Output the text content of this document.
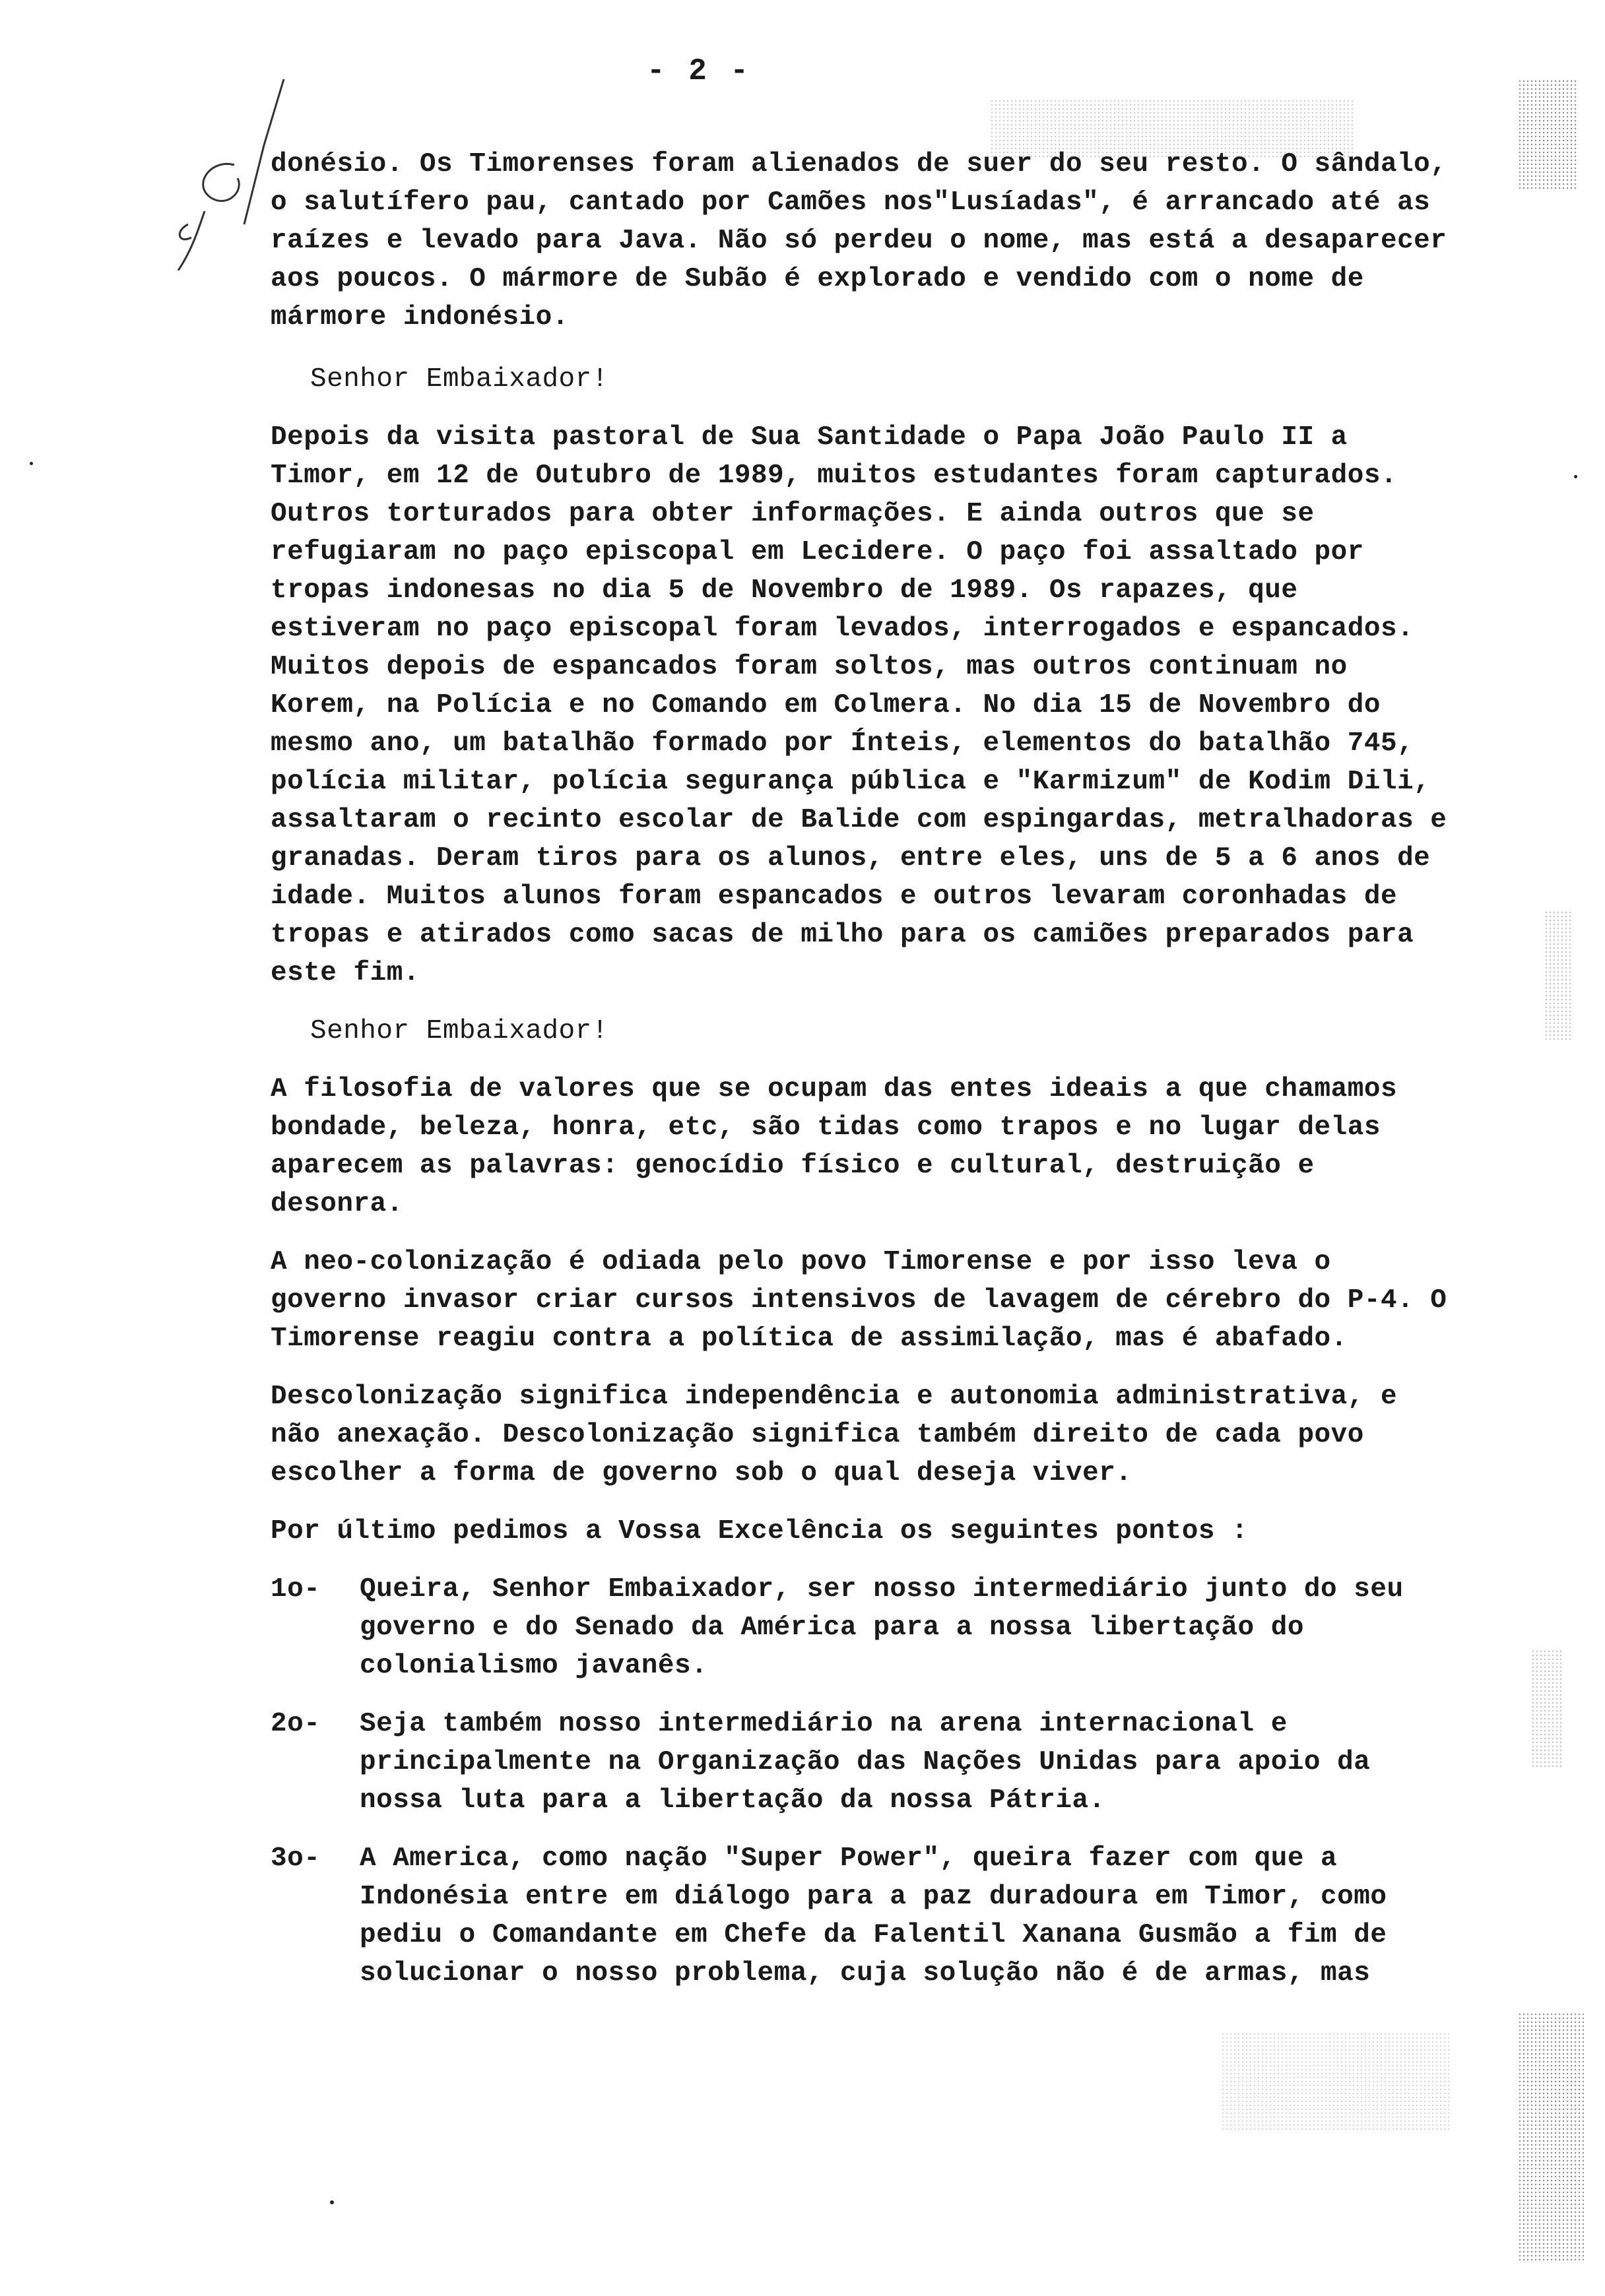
- 2 -

donésio. Os Timorenses foram alienados de suer do seu resto. O sândalo, o salutífero pau, cantado por Camões nos"Lusíadas", é arrancado até as raízes e levado para Java. Não só perdeu o nome, mas está a desaparecer aos poucos. O mármore de Subão é explorado e vendido com o nome de mármore indonésio.

Senhor Embaixador!

Depois da visita pastoral de Sua Santidade o Papa João Paulo II a Timor, em 12 de Outubro de 1989, muitos estudantes foram capturados. Outros torturados para obter informações. E ainda outros que se refugiaram no paço episcopal em Lecidere. O paço foi assaltado por tropas indonesas no dia 5 de Novembro de 1989. Os rapazes, que estiveram no paço episcopal foram levados, interrogados e espancados. Muitos depois de espancados foram soltos, mas outros continuam no Korem, na Polícia e no Comando em Colmera. No dia 15 de Novembro do mesmo ano, um batalhão formado por Ínteis, elementos do batalhão 745, polícia militar, polícia segurança pública e "Karmizum" de Kodim Dili, assaltaram o recinto escolar de Balide com espingardas, metralhadoras e granadas. Deram tiros para os alunos, entre eles, uns de 5 a 6 anos de idade. Muitos alunos foram espancados e outros levaram coronhadas de tropas e atirados como sacas de milho para os camiões preparados para este fim.

Senhor Embaixador!

A filosofia de valores que se ocupam das entes ideais a que chamamos bondade, beleza, honra, etc, são tidas como trapos e no lugar delas aparecem as palavras: genocídio físico e cultural, destruição e desonra.

A neo-colonização é odiada pelo povo Timorense e por isso leva o governo invasor criar cursos intensivos de lavagem de cérebro do P-4. O Timorense reagiu contra a política de assimilação, mas é abafado.

Descolonização significa independência e autonomia administrativa, e não anexação. Descolonização significa também direito de cada povo escolher a forma de governo sob o qual deseja viver.

Por último pedimos a Vossa Excelência os seguintes pontos :

1o-	Queira, Senhor Embaixador, ser nosso intermediário junto do seu governo e do Senado da América para a nossa libertação do colonialismo javanês.
2o-	Seja também nosso intermediário na arena internacional e principalmente na Organização das Nações Unidas para apoio da nossa luta para a libertação da nossa Pátria.
3o-	A America, como nação "Super Power", queira fazer com que a Indonésia entre em diálogo para a paz duradoura em Timor, como pediu o Comandante em Chefe da Falentil Xanana Gusmão a fim de solucionar o nosso problema, cuja solução não é de armas, mas
